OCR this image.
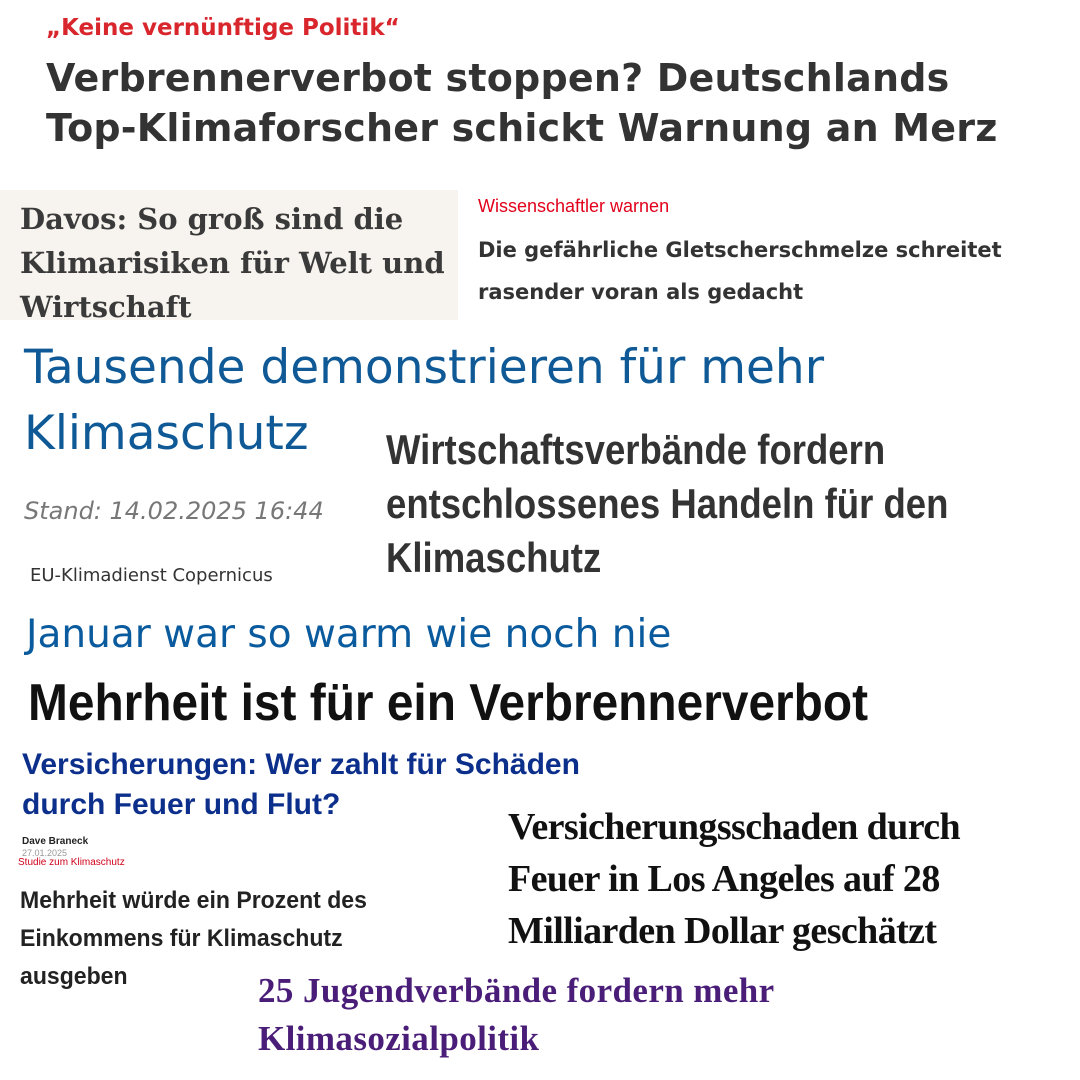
„Keine vernünftige Politik“
Verbrennerverbot stoppen? Deutschlands
Top-Klimaforscher schickt Warnung an Merz
Davos: So groß sind die
Klimarisiken für Welt und
Wirtschaft
Wissenschaftler warnen
Die gefährliche Gletscherschmelze schreitet
rasender voran als gedacht
Tausende demonstrieren für mehr
Klimaschutz
Stand: 14.02.2025 16:44
EU-Klimadienst Copernicus
Wirtschaftsverbände fordern
entschlossenes Handeln für den
Klimaschutz
Januar war so warm wie noch nie
Mehrheit ist für ein Verbrennerverbot
Versicherungen: Wer zahlt für Schäden
durch Feuer und Flut?
Dave Braneck
27.01.2025
Studie zum Klimaschutz
Mehrheit würde ein Prozent des
Einkommens für Klimaschutz
ausgeben
Versicherungsschaden durch
Feuer in Los Angeles auf 28
Milliarden Dollar geschätzt
25 Jugendverbände fordern mehr
Klimasozialpolitik
